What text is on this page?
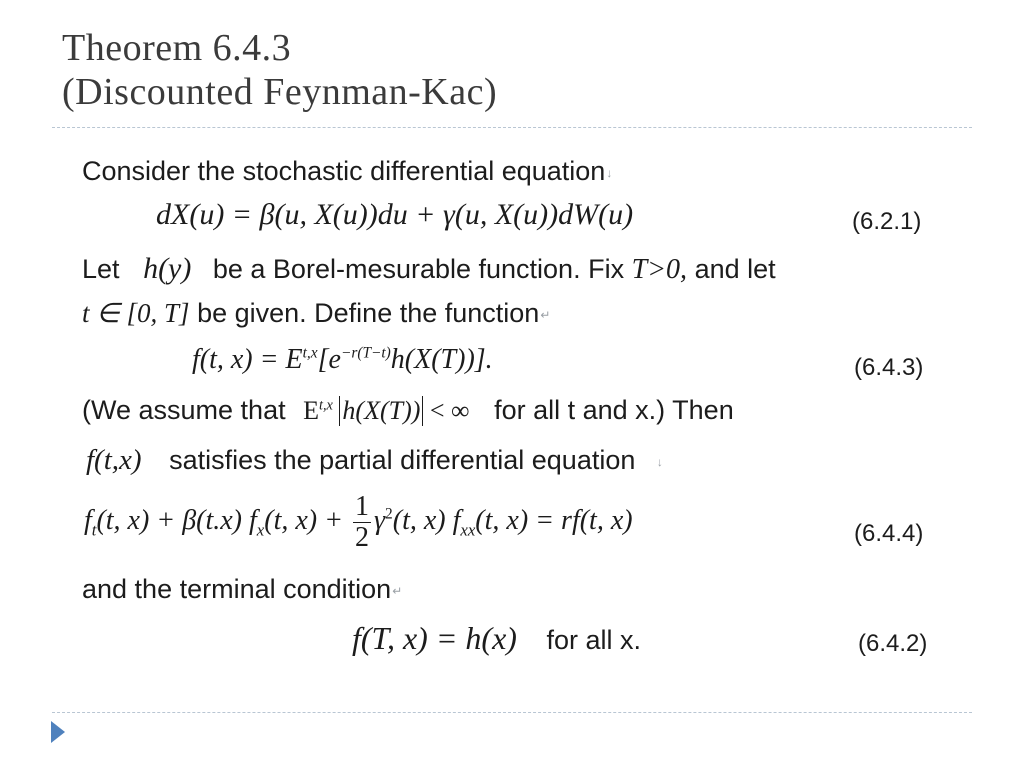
Theorem 6.4.3
(Discounted Feynman-Kac)
Consider the stochastic differential equation↓
dX(u) = β(u, X(u))du + γ(u, X(u))dW(u)	(6.2.1)
Let h(y) be a Borel-mesurable function. Fix T>0, and let
t ∈ [0, T] be given. Define the function↵
f(t, $x) = E^{t,x}[e^{-r(T-t)}h(X(T))]$.	(6.4.3)
(We assume that E$^{t,x}$ h(X(T)) < ∞ for all t and x.) Then
f(t,x) satisfies the partial differential equation ↓
$f_t(t$, x) + β(t.x) $f_x(t$, $x) + \frac{1}{2} \gamma^2(t$, x) $f_{xx}(t$, x) = rf(t, x)	(6.4.4)
and the terminal condition↵
f(T, x) = h(x) for all x.	(6.4.2)
